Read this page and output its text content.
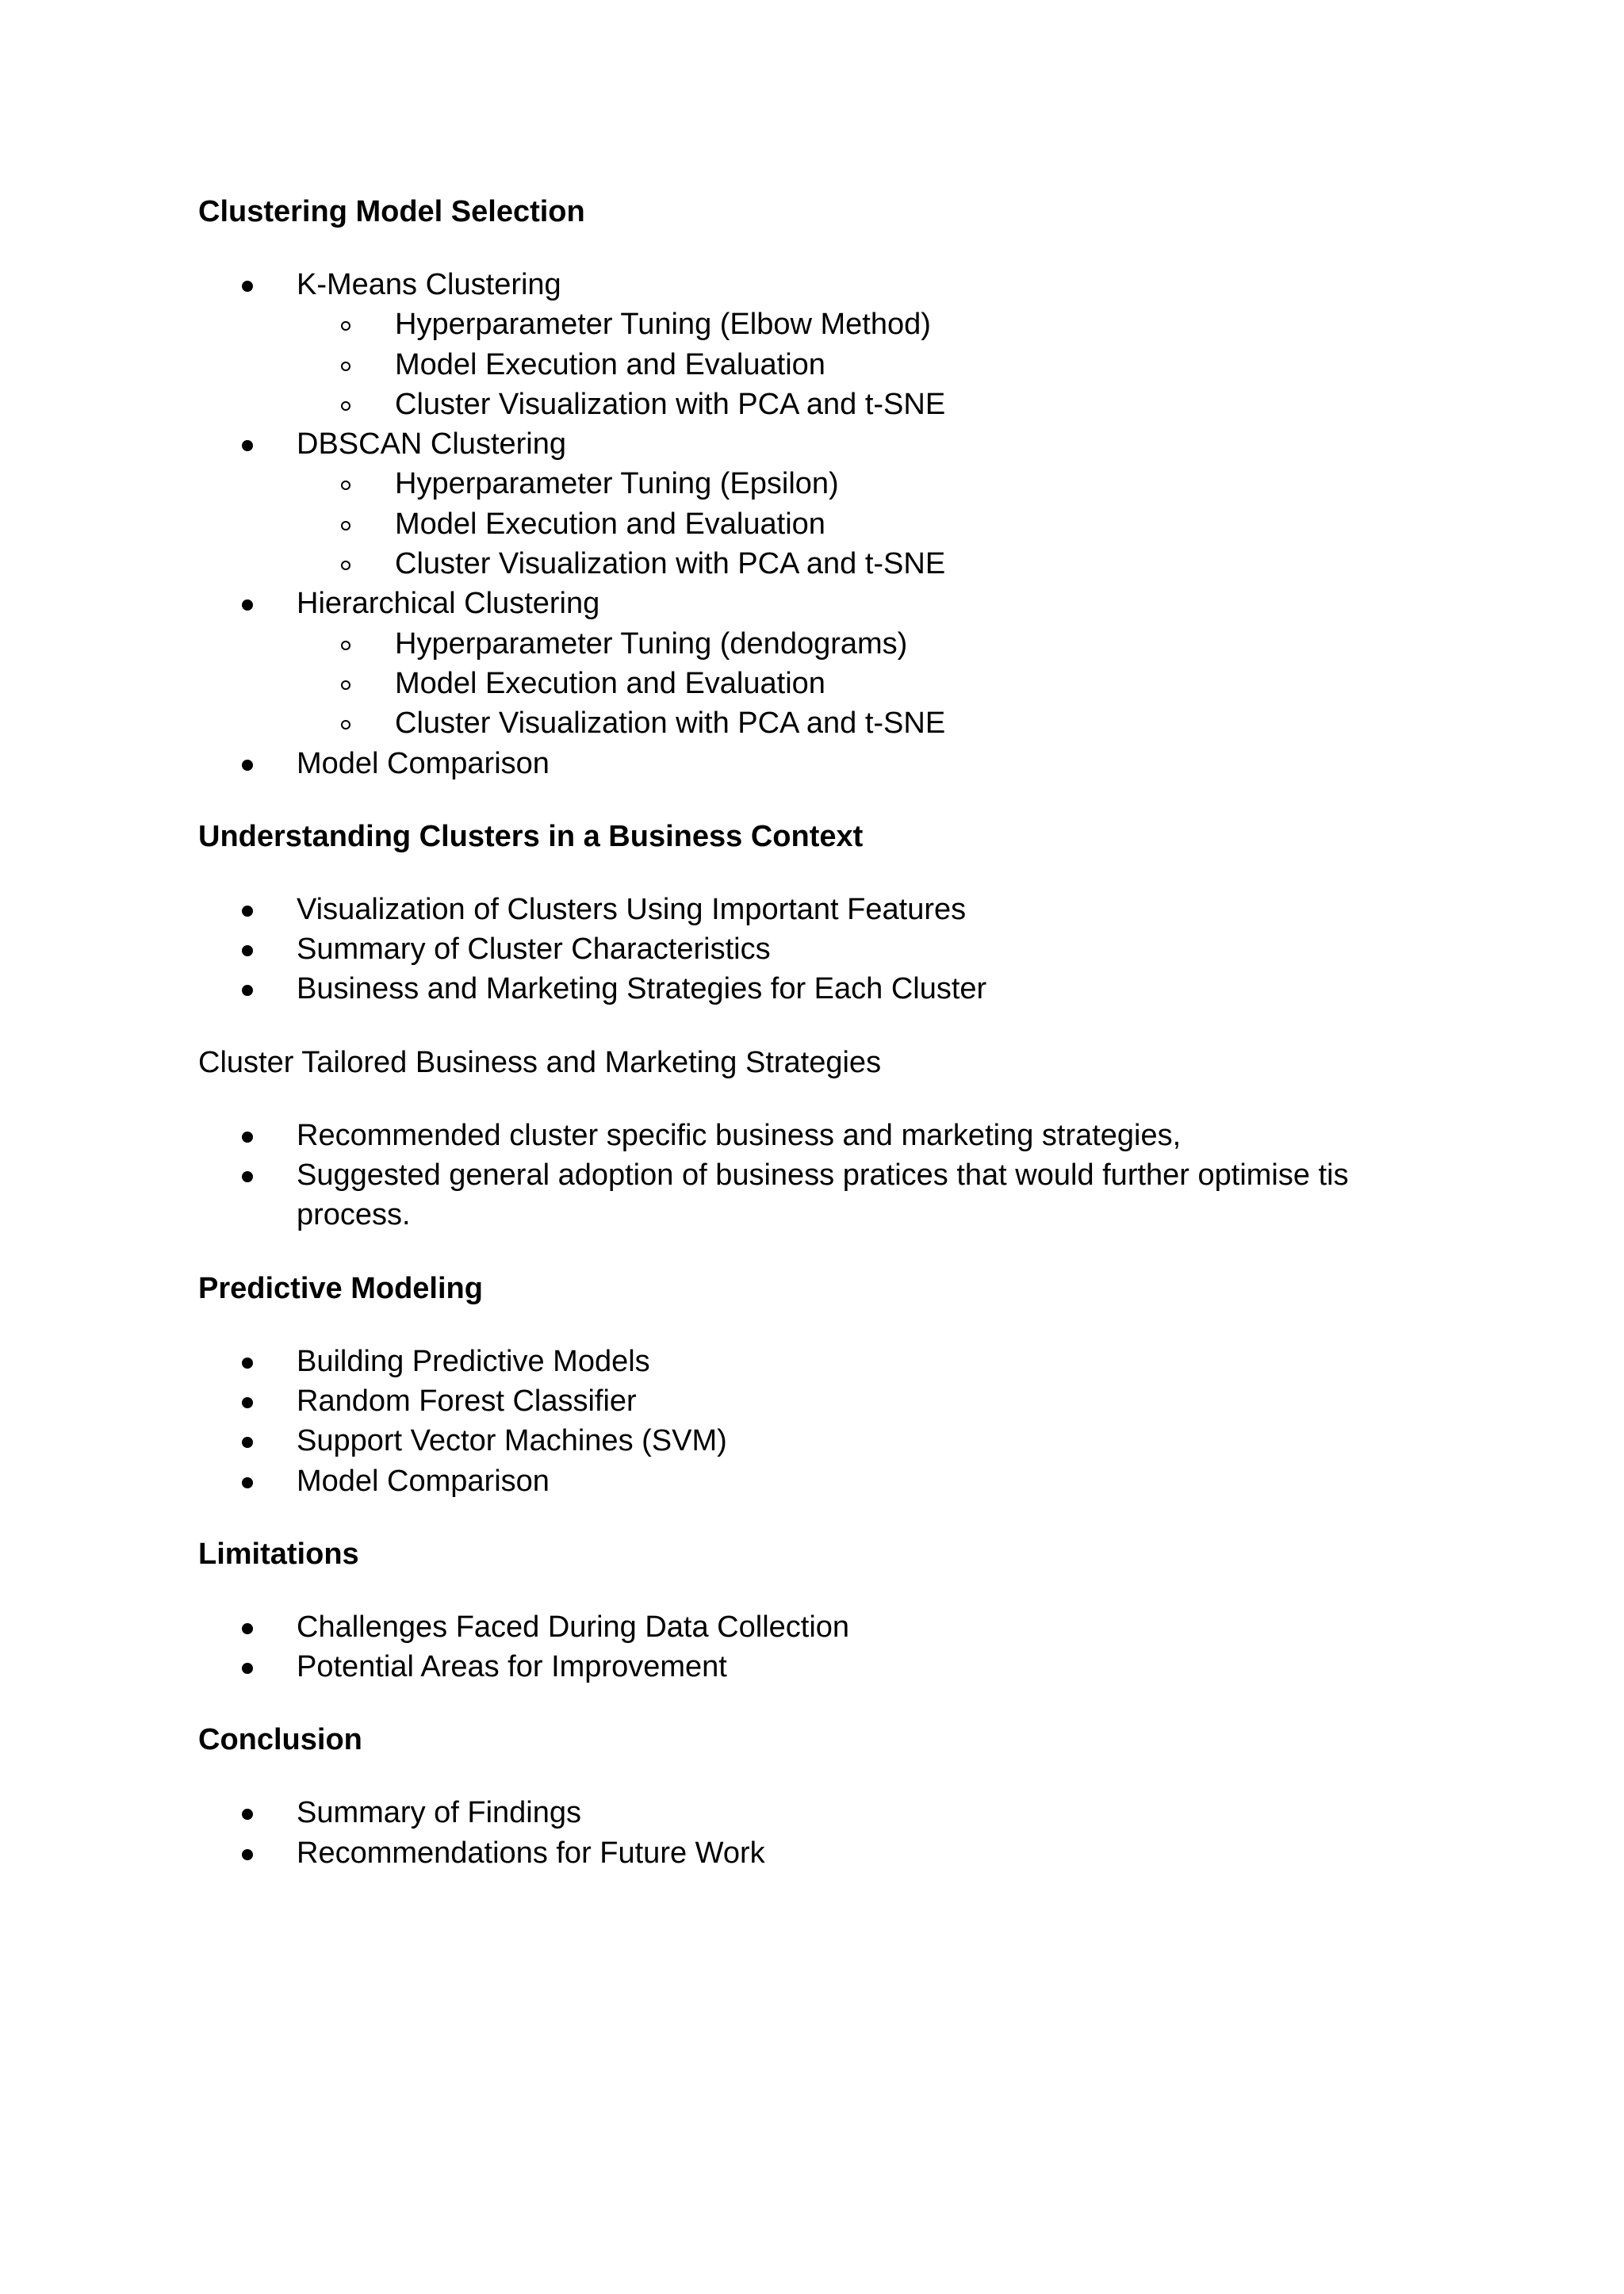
Clustering Model Selection
K-Means Clustering
Hyperparameter Tuning (Elbow Method)
Model Execution and Evaluation
Cluster Visualization with PCA and t-SNE
DBSCAN Clustering
Hyperparameter Tuning (Epsilon)
Model Execution and Evaluation
Cluster Visualization with PCA and t-SNE
Hierarchical Clustering
Hyperparameter Tuning (dendograms)
Model Execution and Evaluation
Cluster Visualization with PCA and t-SNE
Model Comparison
Understanding Clusters in a Business Context
Visualization of Clusters Using Important Features
Summary of Cluster Characteristics
Business and Marketing Strategies for Each Cluster
Cluster Tailored Business and Marketing Strategies
Recommended cluster specific business and marketing strategies,
Suggested general adoption of business pratices that would further optimise tis process.
Predictive Modeling
Building Predictive Models
Random Forest Classifier
Support Vector Machines (SVM)
Model Comparison
Limitations
Challenges Faced During Data Collection
Potential Areas for Improvement
Conclusion
Summary of Findings
Recommendations for Future Work
